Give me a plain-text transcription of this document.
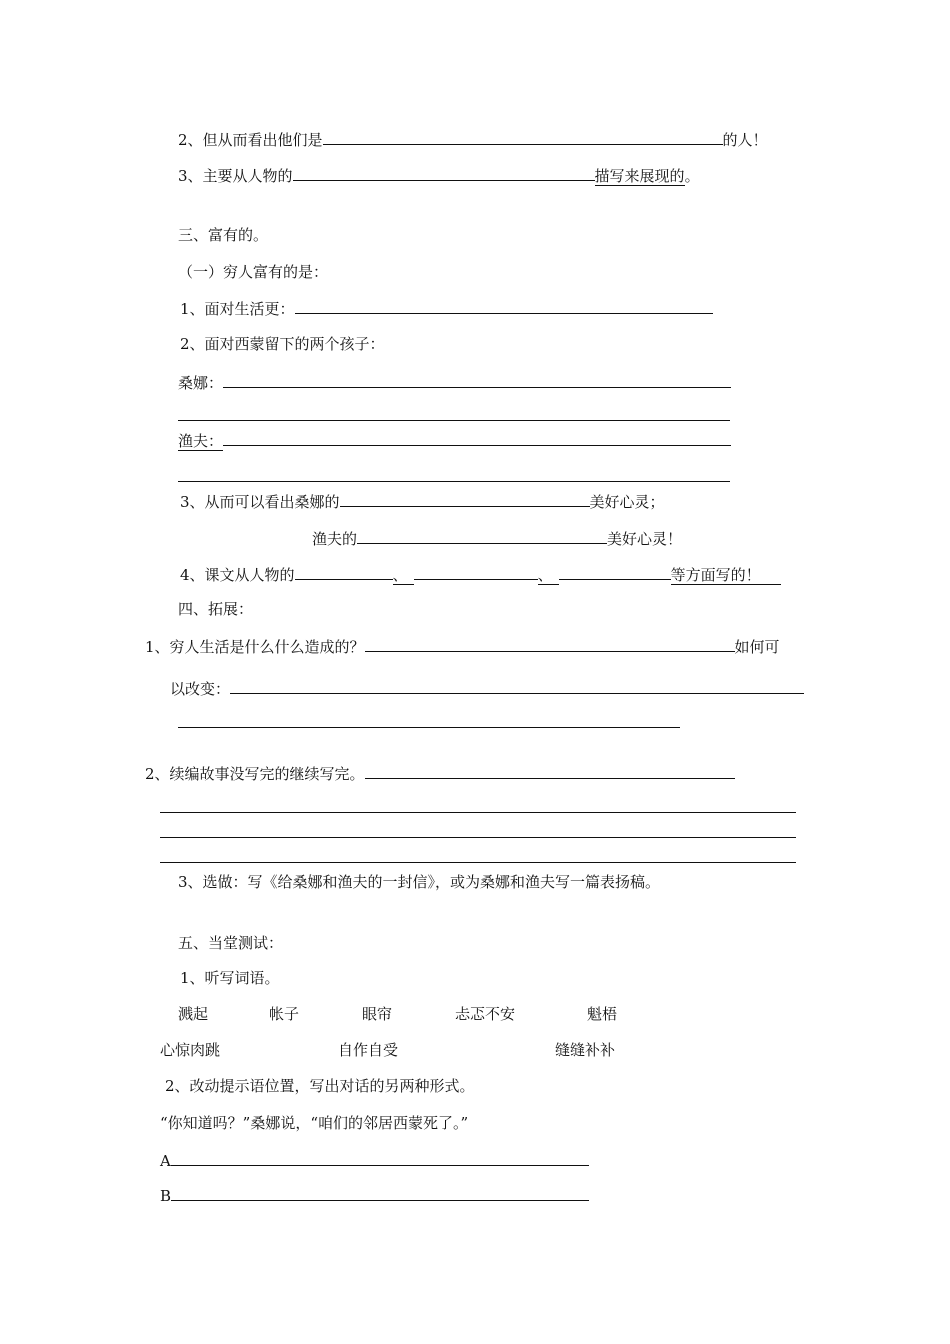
2、但从而看出他们是	的人！
3、主要从人物的	描写来展现的。
三、富有的。
（一）穷人富有的是：
1、面对生活更：
2、面对西蒙留下的两个孩子：
桑娜：
渔夫：
3、从而可以看出桑娜的	美好心灵；
渔夫的	美好心灵！
4、课文从人物的	、	、	等方面写的！
四、拓展：
1、穷人生活是什么什么造成的？	如何可
以改变：
2、续编故事没写完的继续写完。
3、选做：写《给桑娜和渔夫的一封信》，或为桑娜和渔夫写一篇表扬稿。
五、当堂测试：
1、听写词语。
溅起	帐子	眼帘	忐忑不安	魁梧
心惊肉跳	自作自受	缝缝补补
2、改动提示语位置，写出对话的另两种形式。
“你知道吗？”桑娜说，“咱们的邻居西蒙死了。”
A
B
